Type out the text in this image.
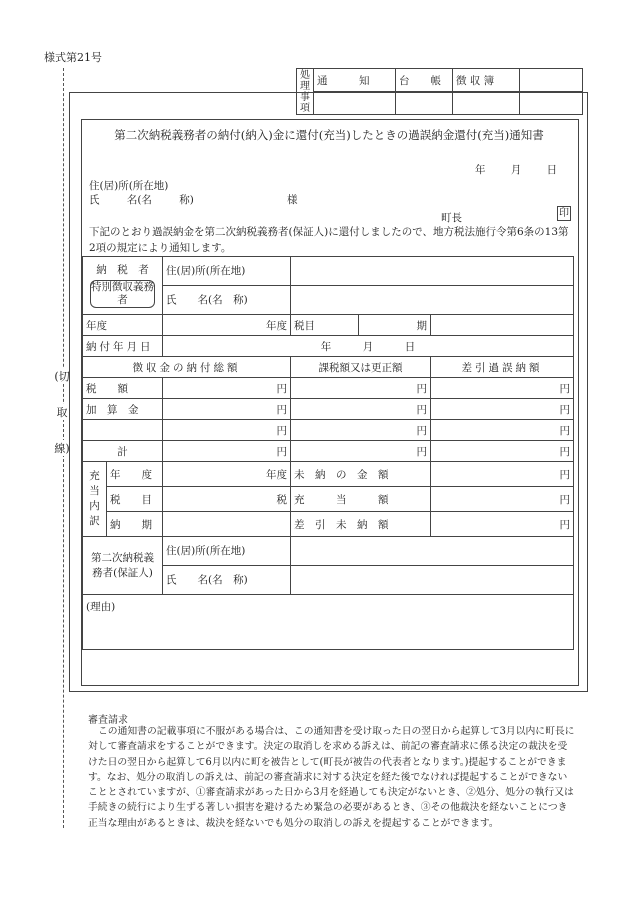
様式第21号
(切
取
線)
処理事項	通　　　知	台　　帳	徴 収 簿	

第二次納税義務者の納付(納入)金に還付(充当)したときの過誤納金還付(充当)通知書
年 月 日
住(居)所(所在地)
氏 名(名 称)	様
町長	印
下記のとおり過誤納金を第二次納税義務者(保証人)に還付しましたので、地方税法施行令第6条の13第2項の規定により通知します。
納　税　者
特別徴収義務者		住(居)所(所在地)			
		氏　　名(名　称)			
年度		年度	税目	期	
納付年月日		年　　　月　　　日			
徴収金の納付総額			課税額又は更正額		差引過誤納額
税　　額		円	円		円
加　算　金		円	円		円
		円	円		円
計		円	円		円
充当内訳	年　　度	年度	未　納　の　金　額		円
	税　　目	税	充　　　当　　　額		円
	納　　期		差　引　未　納　額		円
第二次納税義務者(保証人)		住(居)所(所在地)			
		氏　　名(名　称)			
(理由)					
審査請求
この通知書の記載事項に不服がある場合は、この通知書を受け取った日の翌日から起算して3月以内に町長に対して審査請求をすることができます。決定の取消しを求める訴えは、前記の審査請求に係る決定の裁決を受けた日の翌日から起算して6月以内に町を被告として(町長が被告の代表者となります。)提起することができます。なお、処分の取消しの訴えは、前記の審査請求に対する決定を経た後でなければ提起することができないこととされていますが、①審査請求があった日から3月を経過しても決定がないとき、②処分、処分の執行又は手続きの続行により生ずる著しい損害を避けるため緊急の必要があるとき、③その他裁決を経ないことにつき正当な理由があるときは、裁決を経ないでも処分の取消しの訴えを提起することができます。
